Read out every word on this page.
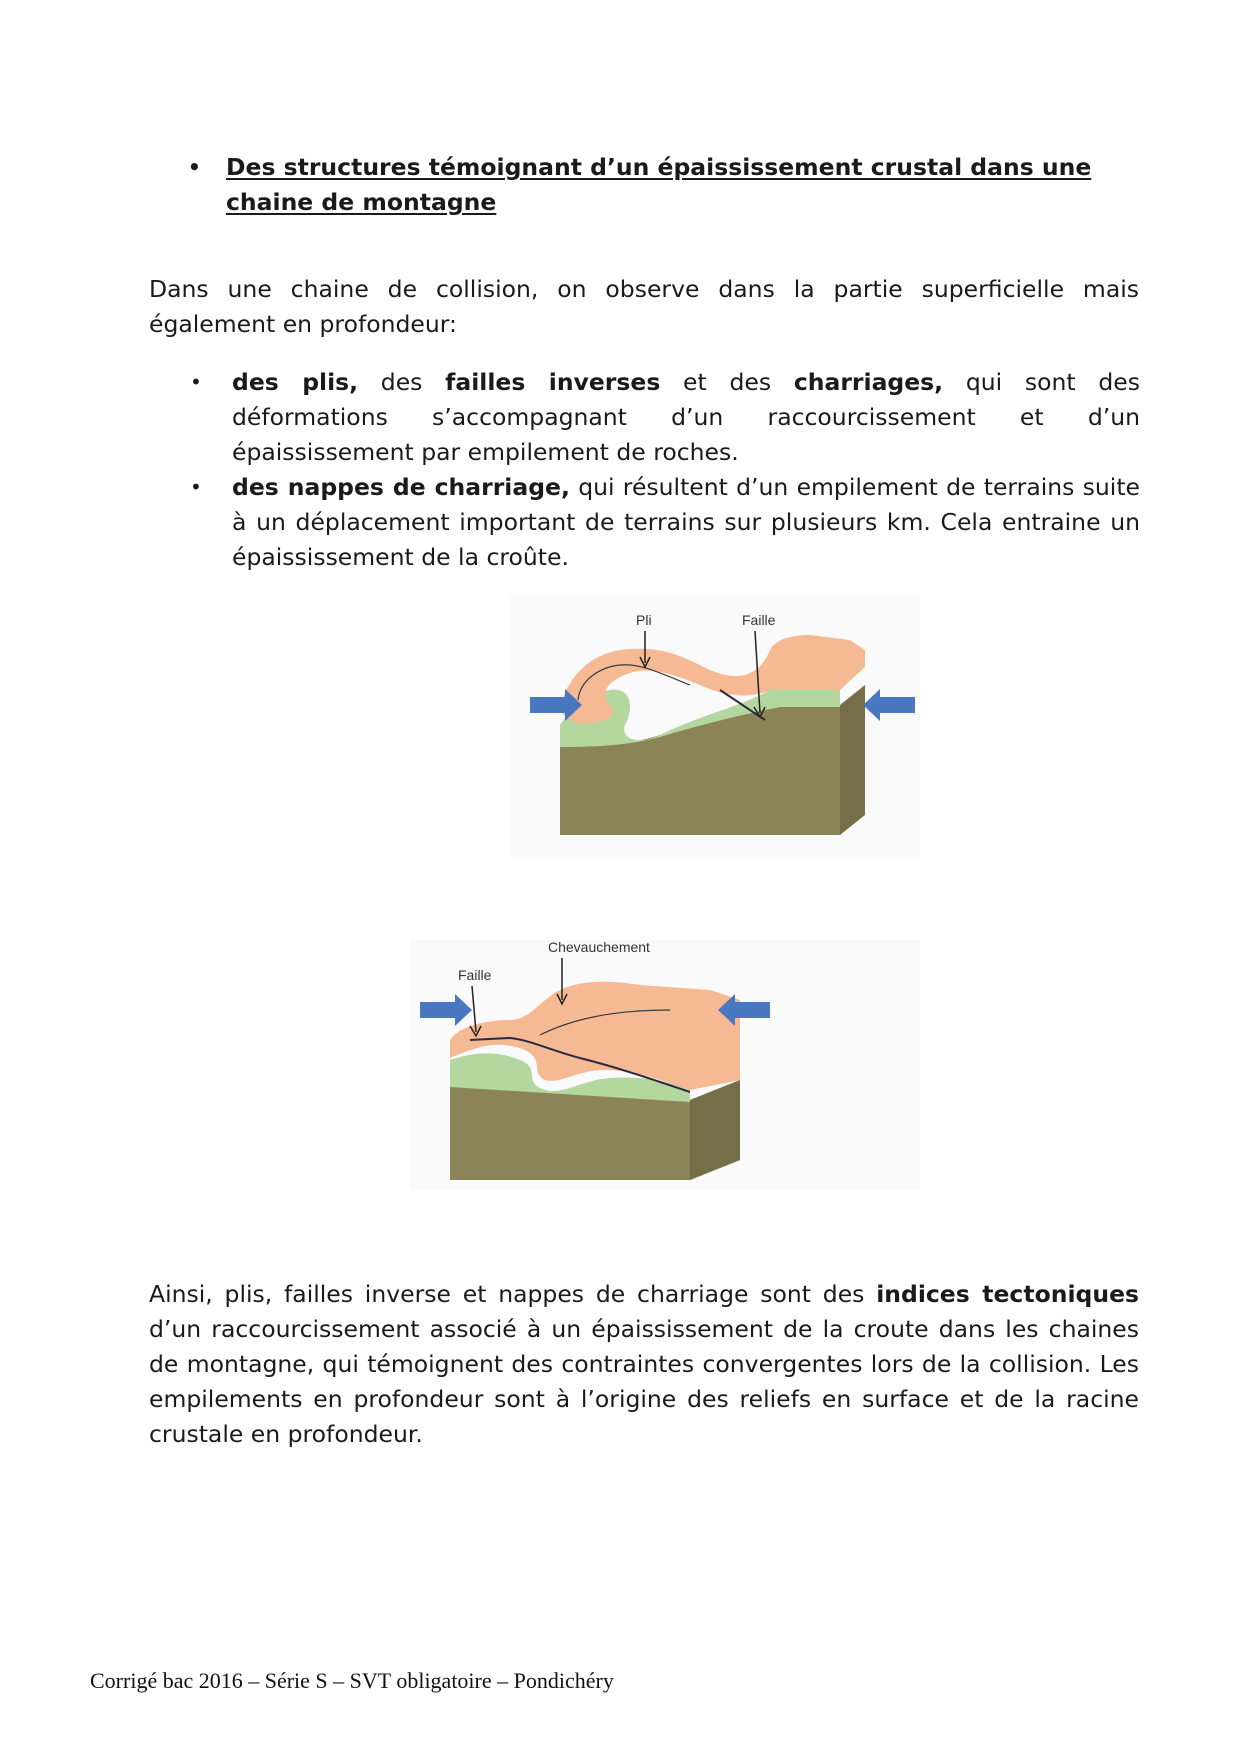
•	Des structures témoignant d’un épaississement crustal dans une chaine de montagne
Dans une chaine de collision, on observe dans la partie superficielle mais également en profondeur:
•	des plis, des failles inverses et des charriages, qui sont des déformations s’accompagnant d’un raccourcissement et d’un épaississement par empilement de roches.
•	des nappes de charriage, qui résultent d’un empilement de terrains suite à un déplacement important de terrains sur plusieurs km. Cela entraine un épaississement de la croûte.
Pli	Faille
Chevauchement
Faille
Ainsi, plis, failles inverse et nappes de charriage sont des indices tectoniques d’un raccourcissement associé à un épaississement de la croute dans les chaines de montagne, qui témoignent des contraintes convergentes lors de la collision. Les empilements en profondeur sont à l’origine des reliefs en surface et de la racine crustale en profondeur.
Corrigé bac 2016 – Série S – SVT obligatoire – Pondichéry
